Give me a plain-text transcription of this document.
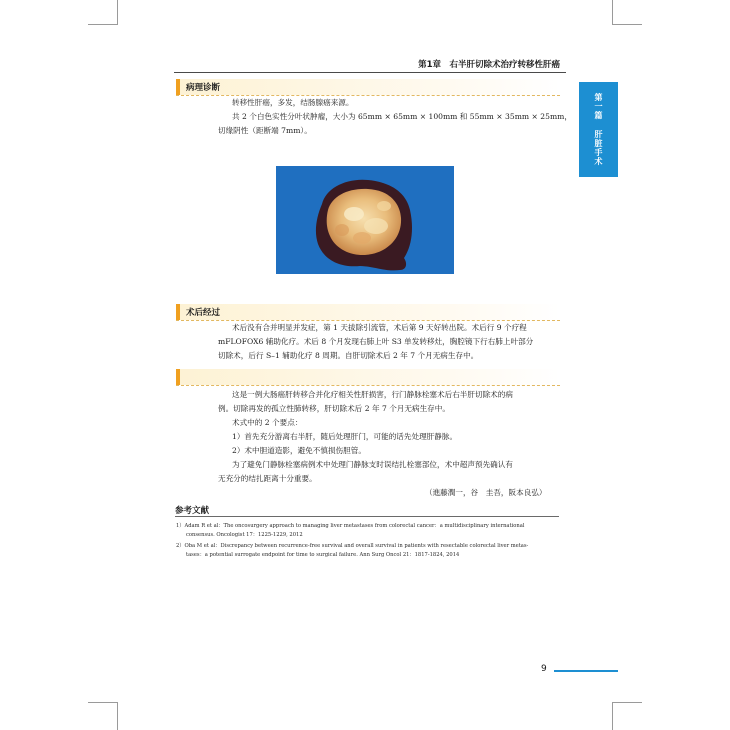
第1章　右半肝切除术治疗转移性肝癌
第一篇 肝脏手术
病理诊断
转移性肝癌，多发，结肠腺癌来源。
共 2 个白色实性分叶状肿瘤，大小为 65mm × 65mm × 100mm 和 55mm × 35mm × 25mm，
切缘阴性（距断端 7mm）。
术后经过
术后没有合并明显并发症，第 1 天拔除引流管，术后第 9 天好转出院。术后行 9 个疗程
mFLOFOX6 辅助化疗。术后 8 个月发现右肺上叶 S3 单发转移灶，胸腔镜下行右肺上叶部分
切除术，后行 S–1 辅助化疗 8 周期。自肝切除术后 2 年 7 个月无病生存中。
这是一例大肠癌肝转移合并化疗相关性肝损害，行门静脉栓塞术后右半肝切除术的病
例。切除再发的孤立性肺转移，肝切除术后 2 年 7 个月无病生存中。
术式中的 2 个要点：
1）首先充分游离右半肝，随后处理肝门，可能的话先处理肝静脉。
2）术中胆道造影，避免不慎损伤胆管。
为了避免门静脉栓塞病例术中处理门静脉支时误结扎栓塞部位，术中超声预先确认有
无充分的结扎距离十分重要。
（進藤潤一，谷　圭吾，阪本良弘）
参考文献
1）Adam R et al：The oncosurgery approach to managing liver metastases from colorectal cancer：a multidisciplinary international
consensus. Oncologist 17：1225-1229, 2012
2）Oba M et al：Discrepancy between recurrence-free survival and overall survival in patients with resectable colorectal liver metas-
tases：a potential surrogate endpoint for time to surgical failure. Ann Surg Oncol 21：1817-1824, 2014
9
